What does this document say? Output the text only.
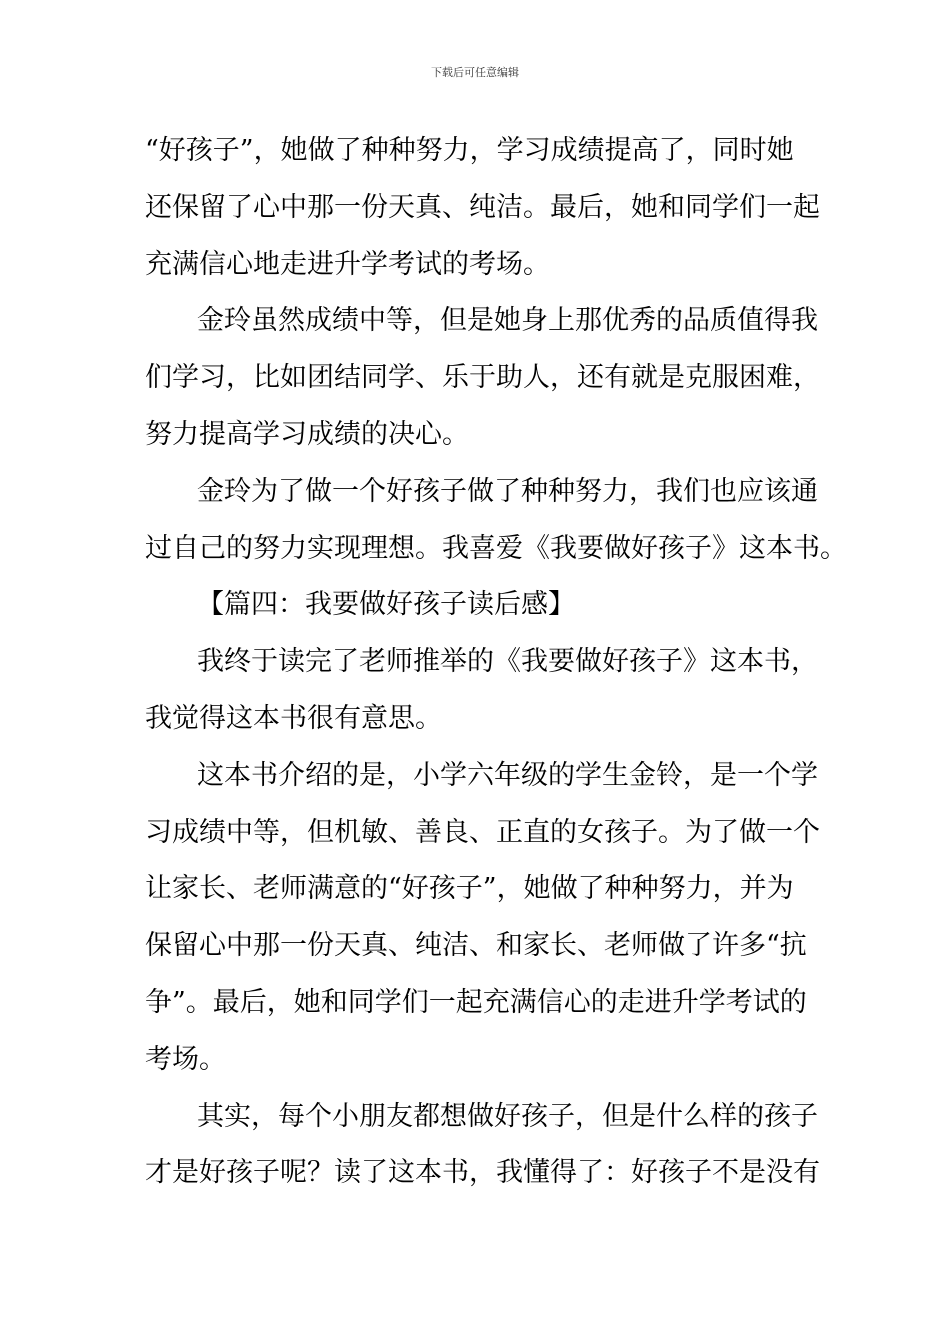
下载后可任意编辑
“好孩子”，她做了种种努力，学习成绩提高了，同时她
还保留了心中那一份天真、纯洁。最后，她和同学们一起
充满信心地走进升学考试的考场。
金玲虽然成绩中等，但是她身上那优秀的品质值得我
们学习，比如团结同学、乐于助人，还有就是克服困难，
努力提高学习成绩的决心。
金玲为了做一个好孩子做了种种努力，我们也应该通
过自己的努力实现理想。我喜爱《我要做好孩子》这本书。
【篇四：我要做好孩子读后感】
我终于读完了老师推举的《我要做好孩子》这本书，
我觉得这本书很有意思。
这本书介绍的是，小学六年级的学生金铃，是一个学
习成绩中等，但机敏、善良、正直的女孩子。为了做一个
让家长、老师满意的“好孩子”，她做了种种努力，并为
保留心中那一份天真、纯洁、和家长、老师做了许多“抗
争”。最后，她和同学们一起充满信心的走进升学考试的
考场。
其实，每个小朋友都想做好孩子，但是什么样的孩子
才是好孩子呢？读了这本书，我懂得了：好孩子不是没有
